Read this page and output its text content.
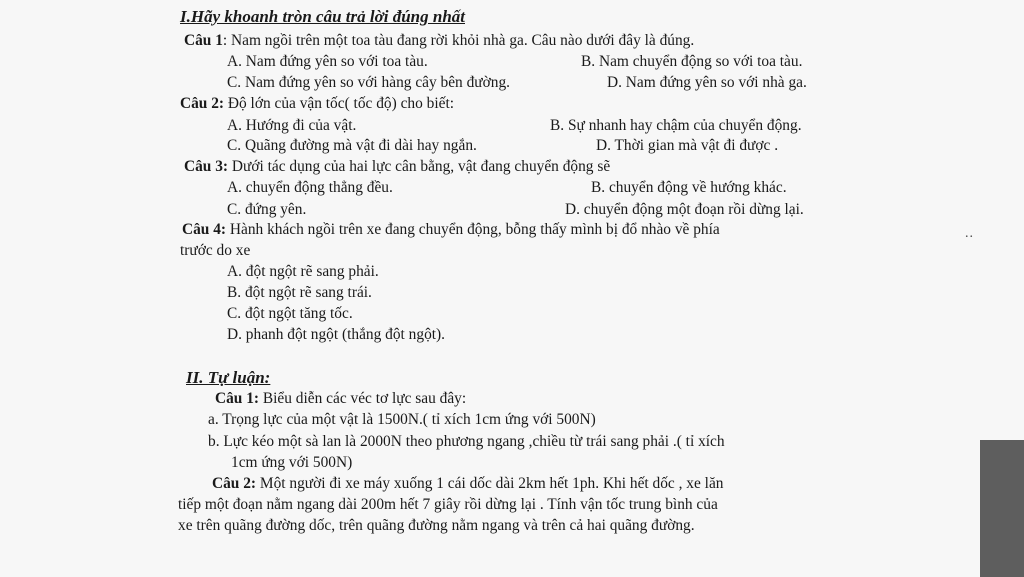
I.Hãy khoanh tròn câu trả lời đúng nhất
Câu 1: Nam ngồi trên một toa tàu đang rời khỏi nhà ga. Câu nào dưới đây là đúng.
A. Nam đứng yên so với toa tàu.	B. Nam chuyển động so với toa tàu.
C. Nam đứng yên so với hàng cây bên đường.	D. Nam đứng yên so với nhà ga.
Câu 2: Độ lớn của vận tốc( tốc độ) cho biết:
A. Hướng đi của vật.	B. Sự nhanh hay chậm của chuyển động.
C. Quãng đường mà vật đi dài hay ngắn.	D. Thời gian mà vật đi được .
Câu 3: Dưới tác dụng của hai lực cân bằng, vật đang chuyển động sẽ
A. chuyển động thẳng đều.	B. chuyển động về hướng khác.
C. đứng yên.	D. chuyển động một đoạn rồi dừng lại.
Câu 4: Hành khách ngồi trên xe đang chuyển động, bỗng thấy mình bị đổ nhào về phía
trước do xe
A. đột ngột rẽ sang phải.
B. đột ngột rẽ sang trái.
C. đột ngột tăng tốc.
D. phanh đột ngột (thắng đột ngột).
II. Tự luận:
Câu 1: Biểu diễn các véc tơ lực sau đây:
a. Trọng lực của một vật là 1500N.( tỉ xích 1cm ứng với 500N)
b. Lực kéo một sà lan là 2000N theo phương ngang ,chiều từ trái sang phải .( tỉ xích
1cm ứng với 500N)
Câu 2: Một người đi xe máy xuống 1 cái dốc dài 2km hết 1ph. Khi hết dốc , xe lăn
tiếp một đoạn nằm ngang dài 200m hết 7 giây rồi dừng lại . Tính vận tốc trung bình của
xe trên quãng đường dốc, trên quãng đường nằm ngang và trên cả hai quãng đường.
..
